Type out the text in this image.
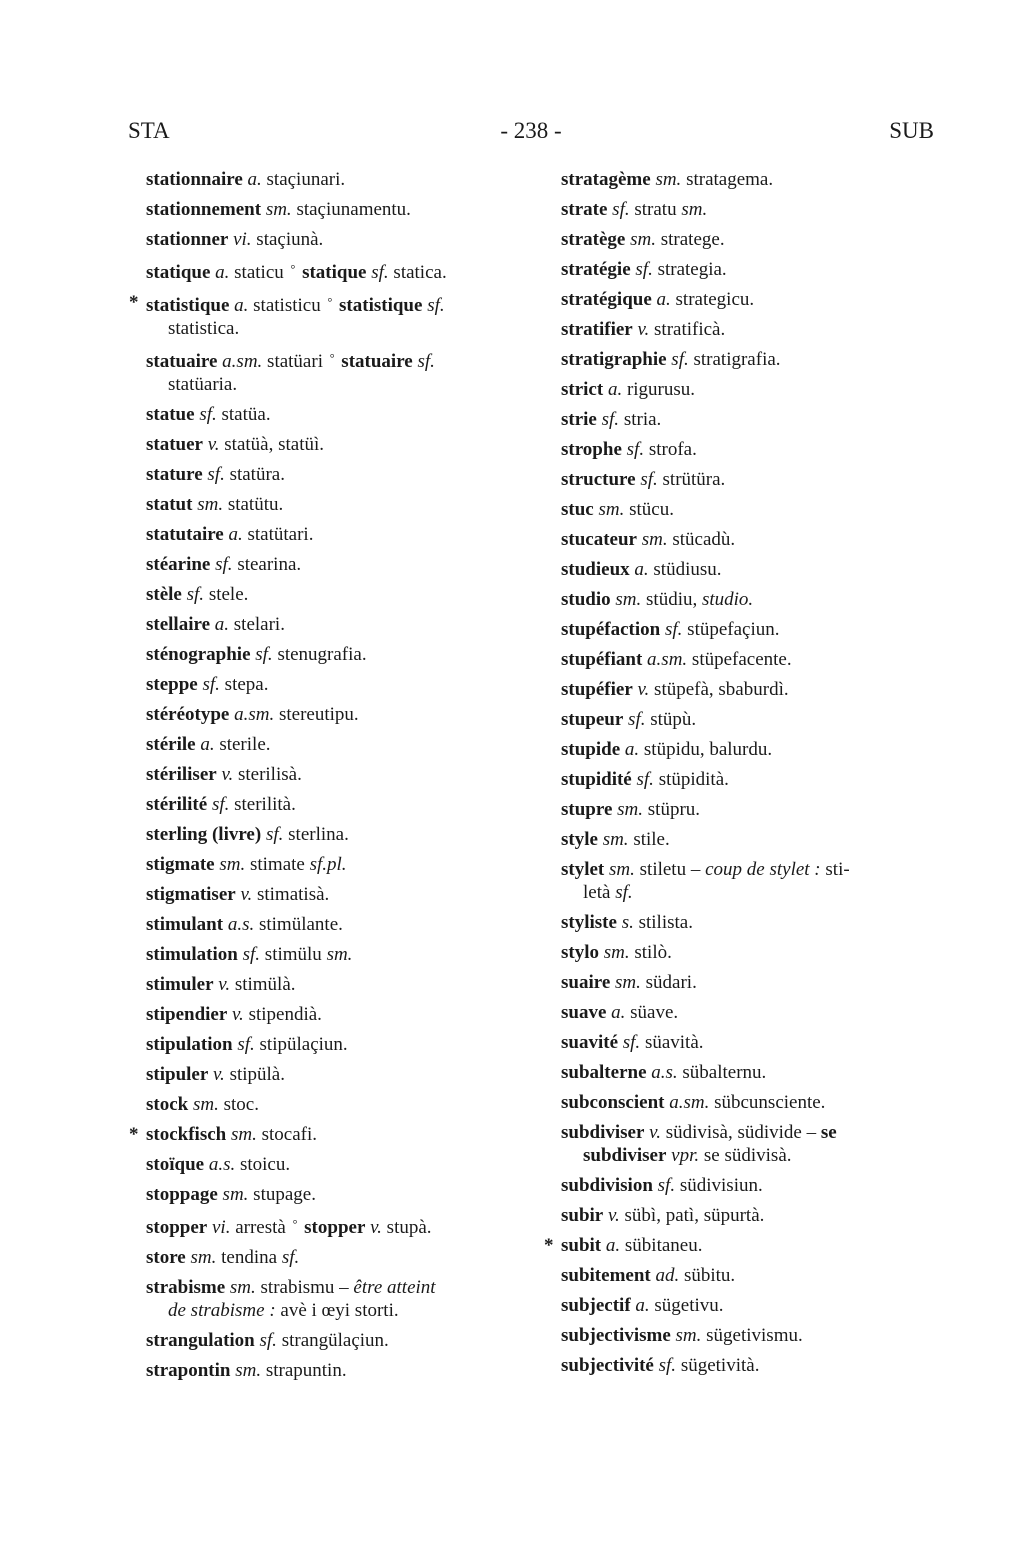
STA	- 238 -	SUB
stationnaire a. staçiunari.
stationnement sm. staçiunamentu.
stationner vi. staçiunà.
statique a. staticu ° statique sf. statica.
* statistique a. statisticu ° statistique sf.
statistica.
statuaire a.sm. statüari ° statuaire sf.
statüaria.
statue sf. statüa.
statuer v. statüà, statüì.
stature sf. statüra.
statut sm. statütu.
statutaire a. statütari.
stéarine sf. stearina.
stèle sf. stele.
stellaire a. stelari.
sténographie sf. stenugrafia.
steppe sf. stepa.
stéréotype a.sm. stereutipu.
stérile a. sterile.
stériliser v. sterilisà.
stérilité sf. sterilità.
sterling (livre) sf. sterlina.
stigmate sm. stimate sf.pl.
stigmatiser v. stimatisà.
stimulant a.s. stimülante.
stimulation sf. stimülu sm.
stimuler v. stimülà.
stipendier v. stipendià.
stipulation sf. stipülaçiun.
stipuler v. stipülà.
stock sm. stoc.
* stockfisch sm. stocafi.
stoïque a.s. stoicu.
stoppage sm. stupage.
stopper vi. arrestà ° stopper v. stupà.
store sm. tendina sf.
strabisme sm. strabismu – être atteint
de strabisme : avè i œyi storti.
strangulation sf. strangülaçiun.
strapontin sm. strapuntin.
stratagème sm. stratagema.
strate sf. stratu sm.
stratège sm. stratege.
stratégie sf. strategia.
stratégique a. strategicu.
stratifier v. stratificà.
stratigraphie sf. stratigrafia.
strict a. rigurusu.
strie sf. stria.
strophe sf. strofa.
structure sf. strütüra.
stuc sm. stücu.
stucateur sm. stücadù.
studieux a. stüdiusu.
studio sm. stüdiu, studio.
stupéfaction sf. stüpefaçiun.
stupéfiant a.sm. stüpefacente.
stupéfier v. stüpefà, sbaburdì.
stupeur sf. stüpù.
stupide a. stüpidu, balurdu.
stupidité sf. stüpidità.
stupre sm. stüpru.
style sm. stile.
stylet sm. stiletu – coup de stylet : sti-
letà sf.
styliste s. stilista.
stylo sm. stilò.
suaire sm. südari.
suave a. süave.
suavité sf. süavità.
subalterne a.s. sübalternu.
subconscient a.sm. sübcunsciente.
subdiviser v. südivisà, südivide – se
subdiviser vpr. se südivisà.
subdivision sf. südivisiun.
subir v. sübì, patì, süpurtà.
* subit a. sübitaneu.
subitement ad. sübitu.
subjectif a. sügetivu.
subjectivisme sm. sügetivismu.
subjectivité sf. sügetività.
